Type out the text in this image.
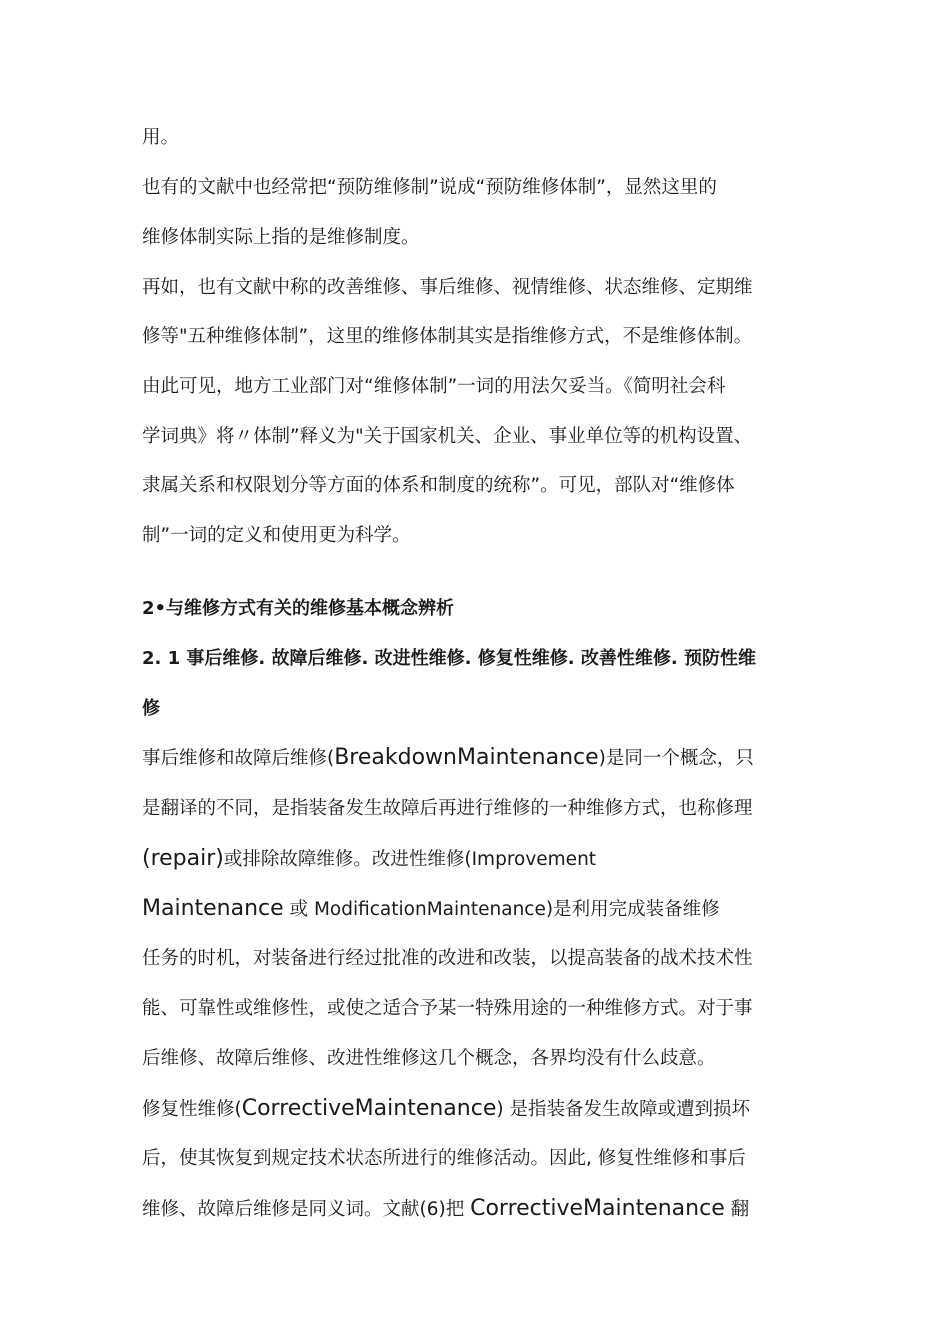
用。
也有的文献中也经常把“预防维修制”说成“预防维修体制”，显然这里的
维修体制实际上指的是维修制度。
再如，也有文献中称的改善维修、事后维修、视情维修、状态维修、定期维
修等"五种维修体制”，这里的维修体制其实是指维修方式，不是维修体制。
由此可见，地方工业部门对“维修体制”一词的用法欠妥当。《简明社会科
学词典》将〃体制”释义为"关于国家机关、企业、事业单位等的机构设置、
隶属关系和权限划分等方面的体系和制度的统称”。可见，部队对“维修体
制”一词的定义和使用更为科学。
2•与维修方式有关的维修基本概念辨析
2. 1 事后维修. 故障后维修. 改进性维修. 修复性维修. 改善性维修. 预防性维
修
事后维修和故障后维修(BreakdownMaintenance)是同一个概念，只
是翻译的不同，是指装备发生故障后再进行维修的一种维修方式，也称修理
(repair)或排除故障维修。改进性维修(Improvement
Maintenance 或 ModificationMaintenance)是利用完成装备维修
任务的时机，对装备进行经过批准的改进和改装，以提高装备的战术技术性
能、可靠性或维修性，或使之适合予某一特殊用途的一种维修方式。对于事
后维修、故障后维修、改进性维修这几个概念，各界均没有什么歧意。
修复性维修(CorrectiveMaintenance) 是指装备发生故障或遭到损坏
后，使其恢复到规定技术状态所进行的维修活动。因此, 修复性维修和事后
维修、故障后维修是同义词。文献(6)把 CorrectiveMaintenance 翻
